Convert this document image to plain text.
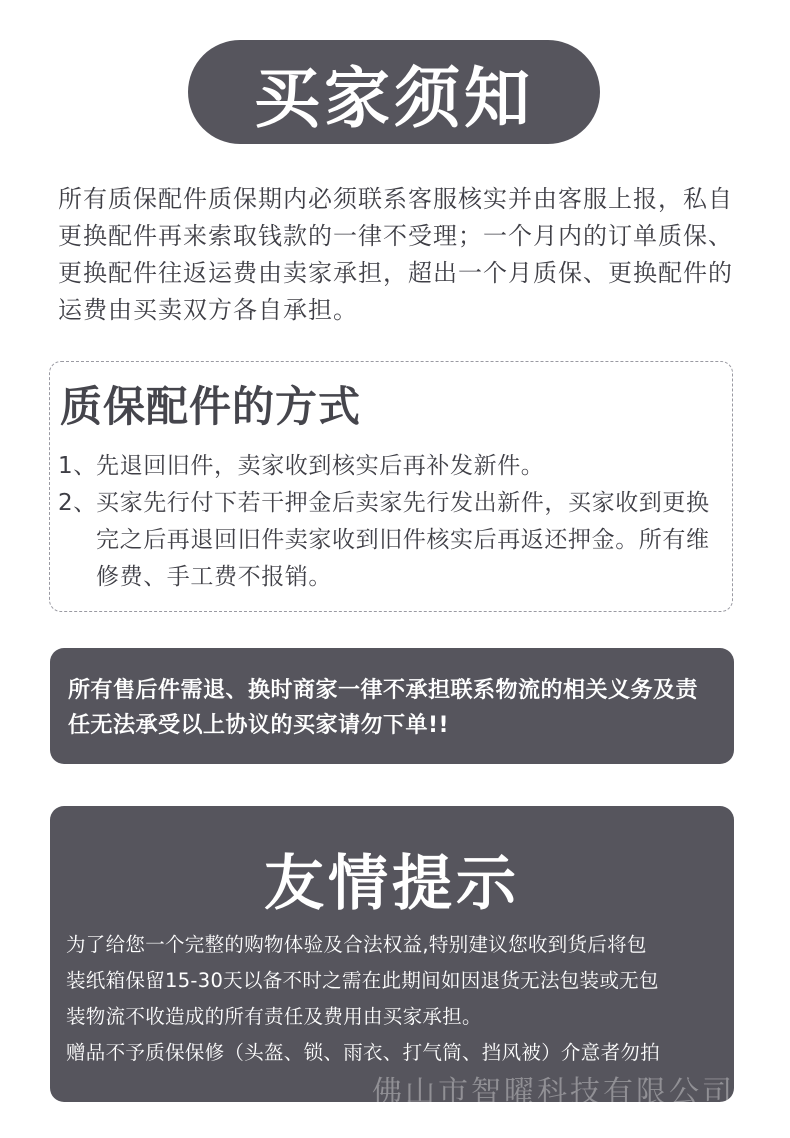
买家须知

所有质保配件质保期内必须联系客服核实并由客服上报，私自更换配件再来索取钱款的一律不受理；一个月内的订单质保、更换配件往返运费由卖家承担，超出一个月质保、更换配件的运费由买卖双方各自承担。

质保配件的方式
1、先退回旧件，卖家收到核实后再补发新件。
2、买家先行付下若干押金后卖家先行发出新件，买家收到更换完之后再退回旧件卖家收到旧件核实后再返还押金。所有维修费、手工费不报销。

所有售后件需退、换时商家一律不承担联系物流的相关义务及责任无法承受以上协议的买家请勿下单!!

友情提示
为了给您一个完整的购物体验及合法权益,特别建议您收到货后将包
装纸箱保留15-30天以备不时之需在此期间如因退货无法包装或无包
装物流不收造成的所有责任及费用由买家承担。
赠品不予质保保修（头盔、锁、雨衣、打气筒、挡风被）介意者勿拍
佛山市智曜科技有限公司
